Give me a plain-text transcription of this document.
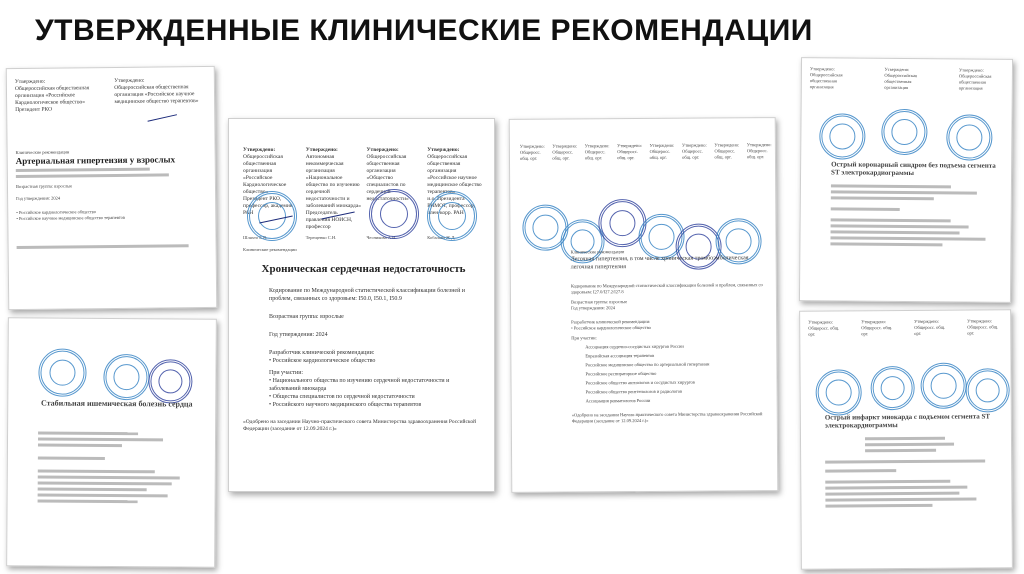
УТВЕРЖДЕННЫЕ КЛИНИЧЕСКИЕ РЕКОМЕНДАЦИИ
Утверждено:
Общероссийская общественная организация «Российское Кардиологическое общество»
Президент РКО
Утверждено:
Общероссийская общественная организация «Российское научное медицинское общество терапевтов»
Клинические рекомендации
Артериальная гипертензия у взрослых
Возрастная группа: взрослые
Год утверждения: 2024
• Российское кардиологическое общество
• Российское научное медицинское общество терапевтов
Стабильная ишемическая болезнь сердца
Утверждено:
Общероссийская общественная организация «Российское Кардиологическое общество»
Президент РКО, профессор, академик РАН
Утверждено:
Автономная некоммерческая организация «Национальное общество по изучению сердечной недостаточности и заболеваний миокарда»
Председатель правления НОИСН, профессор
Утверждено:
Общероссийская общественная организация «Общество специалистов по сердечной недостаточности»
Утверждено:
Общероссийская общественная организация «Российское научное медицинское общество терапевтов»
и.о. Президента РНМОТ, профессор, член-корр. РАН
Шляхто Е.В.	Терещенко С.Н.	Чесникова А.И.	Кобалава Ж.Д.
Клинические рекомендации
Хроническая сердечная недостаточность
Кодирование по Международной статистической классификации болезней и проблем, связанных со здоровьем: I50.0, I50.1, I50.9
Возрастная группа: взрослые
Год утверждения: 2024
Разработчик клинической рекомендации:
• Российское кардиологическое общество
При участии:
• Национального общества по изучению сердечной недостаточности и заболеваний миокарда
• Общества специалистов по сердечной недостаточности
• Российского научного медицинского общества терапевтов
«Одобрено на заседании Научно-практического совета Министерства здравоохранения Российской Федерации (заседание от 12.09.2024 г.)»
Утверждено: Общеросс. общ. орг.
Утверждено: Общеросс. общ. орг.
Утверждено: Общеросс. общ. орг.
Утверждено: Общеросс. общ. орг.
Утверждено: Общеросс. общ. орг.
Утверждено: Общеросс. общ. орг.
Утверждено: Общеросс. общ. орг.
Утверждено: Общеросс. общ. орг.
Клинические рекомендации
Легочная гипертензия, в том числе хроническая тромбоэмболическая легочная гипертензия
Кодирование по Международной статистической классификации болезней и проблем, связанных со здоровьем: I27.0/I27.2/I27.8
Возрастная группа: взрослые
Год утверждения: 2024
Разработчик клинической рекомендации:
• Российское кардиологическое общество
При участии:
Ассоциация сердечно-сосудистых хирургов России
Евразийская ассоциация терапевтов
Российское медицинское общество по артериальной гипертонии
Российское респираторное общество
Российское общество ангиологов и сосудистых хирургов
Российское общество рентгенологов и радиологов
Ассоциация ревматологов России
«Одобрено на заседании Научно-практического совета Министерства здравоохранения Российской Федерации (заседание от 12.09.2024 г.)»
Утверждено: Общероссийская общественная организация
Утверждено: Общероссийская общественная организация
Утверждено: Общероссийская общественная организация
Острый коронарный синдром без подъема сегмента ST электрокардиограммы
Утверждено: Общеросс. общ. орг.
Утверждено: Общеросс. общ. орг.
Утверждено: Общеросс. общ. орг.
Утверждено: Общеросс. общ. орг.
Острый инфаркт миокарда с подъемом сегмента ST электрокардиограммы
